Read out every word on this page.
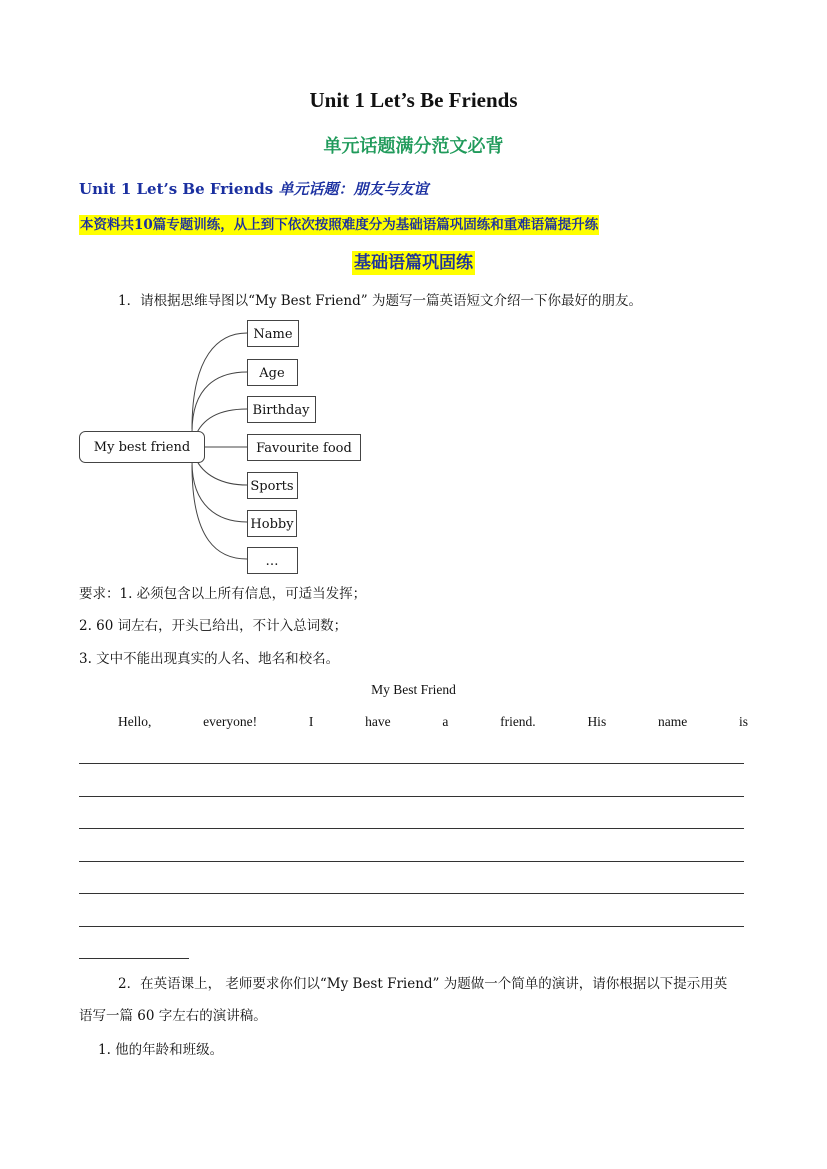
Unit 1 Let’s Be Friends
单元话题满分范文必背
Unit 1 Let’s Be Friends 单元话题：朋友与友谊
本资料共10篇专题训练，从上到下依次按照难度分为基础语篇巩固练和重难语篇提升练
基础语篇巩固练
1．请根据思维导图以“My Best Friend” 为题写一篇英语短文介绍一下你最好的朋友。
My best friend
Name
Age
Birthday
Favourite food
Sports
Hobby
…
要求：1. 必须包含以上所有信息，可适当发挥；
2. 60 词左右，开头已给出，不计入总词数；
3. 文中不能出现真实的人名、地名和校名。
My Best Friend
Hello,	everyone!	I	have	a	friend.	His	name	is
2．在英语课上， 老师要求你们以“My Best Friend” 为题做一个简单的演讲，请你根据以下提示用英
语写一篇 60 字左右的演讲稿。
1. 他的年龄和班级。
